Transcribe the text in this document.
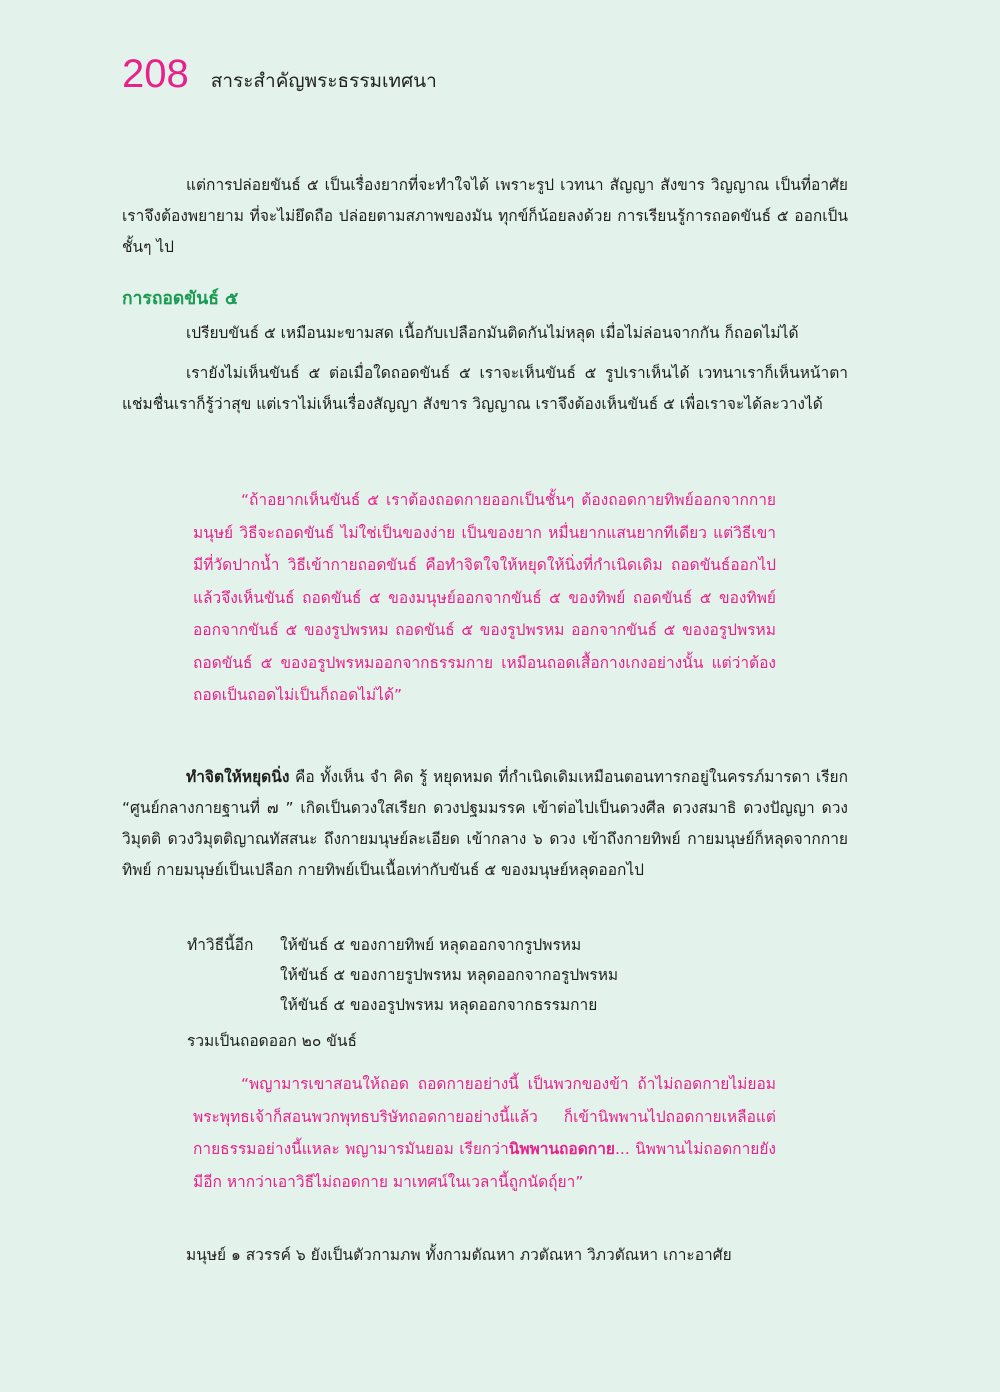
208 สาระสำคัญพระธรรมเทศนา

แต่การปล่อยขันธ์ ๕ เป็นเรื่องยากที่จะทำใจได้ เพราะรูป เวทนา สัญญา สังขาร วิญญาณ เป็นที่อาศัย เราจึงต้องพยายาม ที่จะไม่ยึดถือ ปล่อยตามสภาพของมัน ทุกข์ก็น้อยลงด้วย การเรียนรู้การถอดขันธ์ ๕ ออกเป็นชั้นๆ ไป

การถอดขันธ์ ๕

เปรียบขันธ์ ๕ เหมือนมะขามสด เนื้อกับเปลือกมันติดกันไม่หลุด เมื่อไม่ล่อนจากกัน ก็ถอดไม่ได้

เรายังไม่เห็นขันธ์ ๕ ต่อเมื่อใดถอดขันธ์ ๕ เราจะเห็นขันธ์ ๕ รูปเราเห็นได้ เวทนาเราก็เห็นหน้าตาแช่มชื่นเราก็รู้ว่าสุข แต่เราไม่เห็นเรื่องสัญญา สังขาร วิญญาณ เราจึงต้องเห็นขันธ์ ๕ เพื่อเราจะได้ละวางได้

“ถ้าอยากเห็นขันธ์ ๕ เราต้องถอดกายออกเป็นชั้นๆ ต้องถอดกายทิพย์ออกจากกายมนุษย์ วิธีจะถอดขันธ์ ไม่ใช่เป็นของง่าย เป็นของยาก หมื่นยากแสนยากทีเดียว แต่วิธีเขามีที่วัดปากน้ำ วิธีเข้ากายถอดขันธ์ คือทำจิตใจให้หยุดให้นิ่งที่กำเนิดเดิม ถอดขันธ์ออกไป แล้วจึงเห็นขันธ์ ถอดขันธ์ ๕ ของมนุษย์ออกจากขันธ์ ๕ ของทิพย์ ถอดขันธ์ ๕ ของทิพย์ออกจากขันธ์ ๕ ของรูปพรหม ถอดขันธ์ ๕ ของรูปพรหม ออกจากขันธ์ ๕ ของอรูปพรหม ถอดขันธ์ ๕ ของอรูปพรหมออกจากธรรมกาย เหมือนถอดเสื้อกางเกงอย่างนั้น แต่ว่าต้องถอดเป็นถอดไม่เป็นก็ถอดไม่ได้”

ทำจิตให้หยุดนิ่ง คือ ทั้งเห็น จำ คิด รู้ หยุดหมด ที่กำเนิดเดิมเหมือนตอนทารกอยู่ในครรภ์มารดา เรียก “ศูนย์กลางกายฐานที่ ๗ ” เกิดเป็นดวงใสเรียก ดวงปฐมมรรค เข้าต่อไปเป็นดวงศีล ดวงสมาธิ ดวงปัญญา ดวงวิมุตติ ดวงวิมุตติญาณทัสสนะ ถึงกายมนุษย์ละเอียด เข้ากลาง ๖ ดวง เข้าถึงกายทิพย์ กายมนุษย์ก็หลุดจากกายทิพย์ กายมนุษย์เป็นเปลือก กายทิพย์เป็นเนื้อเท่ากับขันธ์ ๕ ของมนุษย์หลุดออกไป

ทำวิธีนี้อีก	ให้ขันธ์ ๕ ของกายทิพย์ หลุดออกจากรูปพรหม
ให้ขันธ์ ๕ ของกายรูปพรหม หลุดออกจากอรูปพรหม
ให้ขันธ์ ๕ ของอรูปพรหม หลุดออกจากธรรมกาย
รวมเป็นถอดออก ๒๐ ขันธ์

“พญามารเขาสอนให้ถอด ถอดกายอย่างนี้ เป็นพวกของข้า ถ้าไม่ถอดกายไม่ยอม พระพุทธเจ้าก็สอนพวกพุทธบริษัทถอดกายอย่างนี้แล้ว ก็เข้านิพพานไปถอดกายเหลือแต่กายธรรมอย่างนี้แหละ พญามารมันยอม เรียกว่านิพพานถอดกาย... นิพพานไม่ถอดกายยังมีอีก หากว่าเอาวิธีไม่ถอดกาย มาเทศน์ในเวลานี้ถูกนัดถุ์ยา”

มนุษย์ ๑ สวรรค์ ๖ ยังเป็นตัวกามภพ ทั้งกามตัณหา ภวตัณหา วิภวตัณหา เกาะอาศัย
